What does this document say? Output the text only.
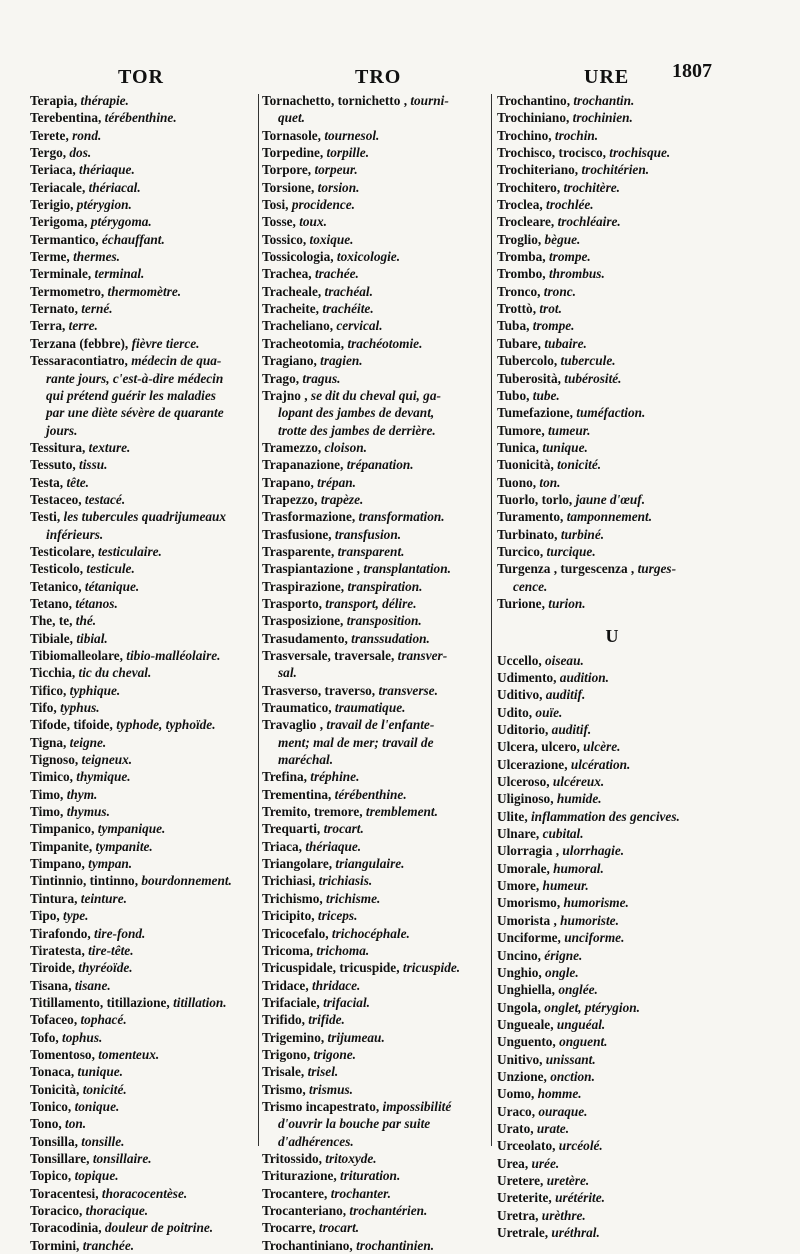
TOR	TRO	URE 1807

Terapia, thérapie.

Terebentina, térébenthine.

Terete, rond.

Tergo, dos.

Teriaca, thériaque.

Teriacale, thériacal.

Terigio, ptérygion.

Terigoma, ptérygoma.

Termantico, échauffant.

Terme, thermes.

Terminale, terminal.

Termometro, thermomètre.

Ternato, terné.

Terra, terre.

Terzana (febbre), fièvre tierce.

Tessaracontiatro, médecin de qua-

rante jours, c'est-à-dire médecin

qui prétend guérir les maladies

par une diète sévère de quarante

jours.

Tessitura, texture.

Tessuto, tissu.

Testa, tête.

Testaceo, testacé.

Testi, les tubercules quadrijumeaux

inférieurs.

Testicolare, testiculaire.

Testicolo, testicule.

Tetanico, tétanique.

Tetano, tétanos.

The, te, thé.

Tibiale, tibial.

Tibiomalleolare, tibio-malléolaire.

Ticchia, tic du cheval.

Tifico, typhique.

Tifo, typhus.

Tifode, tifoide, typhode, typhoïde.

Tigna, teigne.

Tignoso, teigneux.

Timico, thymique.

Timo, thym.

Timo, thymus.

Timpanico, tympanique.

Timpanite, tympanite.

Timpano, tympan.

Tintinnio, tintinno, bourdonnement.

Tintura, teinture.

Tipo, type.

Tirafondo, tire-fond.

Tiratesta, tire-tête.

Tiroide, thyréoïde.

Tisana, tisane.

Titillamento, titillazione, titillation.

Tofaceo, tophacé.

Tofo, tophus.

Tomentoso, tomenteux.

Tonaca, tunique.

Tonicità, tonicité.

Tonico, tonique.

Tono, ton.

Tonsilla, tonsille.

Tonsillare, tonsillaire.

Topico, topique.

Toracentesi, thoracocentèse.

Toracico, thoracique.

Toracodinia, douleur de poitrine.

Tormini, tranchée.

Tornachetto, tornichetto , tourni-

quet.

Tornasole, tournesol.

Torpedine, torpille.

Torpore, torpeur.

Torsione, torsion.

Tosi, procidence.

Tosse, toux.

Tossico, toxique.

Tossicologia, toxicologie.

Trachea, trachée.

Tracheale, trachéal.

Tracheite, trachéite.

Tracheliano, cervical.

Tracheotomia, trachéotomie.

Tragiano, tragien.

Trago, tragus.

Trajno , se dit du cheval qui, ga-

lopant des jambes de devant,

trotte des jambes de derrière.

Tramezzo, cloison.

Trapanazione, trépanation.

Trapano, trépan.

Trapezzo, trapèze.

Trasformazione, transformation.

Trasfusione, transfusion.

Trasparente, transparent.

Traspiantazione , transplantation.

Traspirazione, transpiration.

Trasporto, transport, délire.

Trasposizione, transposition.

Trasudamento, transsudation.

Trasversale, traversale, transver-

sal.

Trasverso, traverso, transverse.

Traumatico, traumatique.

Travaglio , travail de l'enfante-

ment; mal de mer; travail de

maréchal.

Trefina, tréphine.

Trementina, térébenthine.

Tremito, tremore, tremblement.

Trequarti, trocart.

Triaca, thériaque.

Triangolare, triangulaire.

Trichiasi, trichiasis.

Trichismo, trichisme.

Tricipito, triceps.

Tricocefalo, trichocéphale.

Tricoma, trichoma.

Tricuspidale, tricuspide, tricuspide.

Tridace, thridace.

Trifaciale, trifacial.

Trifido, trifide.

Trigemino, trijumeau.

Trigono, trigone.

Trisale, trisel.

Trismo, trismus.

Trismo incapestrato, impossibilité

d'ouvrir la bouche par suite

d'adhérences.

Tritossido, tritoxyde.

Triturazione, trituration.

Trocantere, trochanter.

Trocanteriano, trochantérien.

Trocarre, trocart.

Trochantiniano, trochantinien.

Trochantino, trochantin.

Trochiniano, trochinien.

Trochino, trochin.

Trochisco, trocisco, trochisque.

Trochiteriano, trochitérien.

Trochitero, trochitère.

Troclea, trochlée.

Trocleare, trochléaire.

Troglio, bègue.

Tromba, trompe.

Trombo, thrombus.

Tronco, tronc.

Trottò, trot.

Tuba, trompe.

Tubare, tubaire.

Tubercolo, tubercule.

Tuberosità, tubérosité.

Tubo, tube.

Tumefazione, tuméfaction.

Tumore, tumeur.

Tunica, tunique.

Tuonicità, tonicité.

Tuono, ton.

Tuorlo, torlo, jaune d'œuf.

Turamento, tamponnement.

Turbinato, turbiné.

Turcico, turcique.

Turgenza , turgescenza , turges-

cence.

Turione, turion.

U

Uccello, oiseau.

Udimento, audition.

Uditivo, auditif.

Udito, ouïe.

Uditorio, auditif.

Ulcera, ulcero, ulcère.

Ulcerazione, ulcération.

Ulceroso, ulcéreux.

Uliginoso, humide.

Ulite, inflammation des gencives.

Ulnare, cubital.

Ulorragia , ulorrhagie.

Umorale, humoral.

Umore, humeur.

Umorismo, humorisme.

Umorista , humoriste.

Unciforme, unciforme.

Uncino, érigne.

Unghio, ongle.

Unghiella, onglée.

Ungola, onglet, ptérygion.

Ungueale, unguéal.

Unguento, onguent.

Unitivo, unissant.

Unzione, onction.

Uomo, homme.

Uraco, ouraque.

Urato, urate.

Urceolato, urcéolé.

Urea, urée.

Uretere, uretère.

Ureterite, urétérite.

Uretra, urèthre.

Uretrale, uréthral.
